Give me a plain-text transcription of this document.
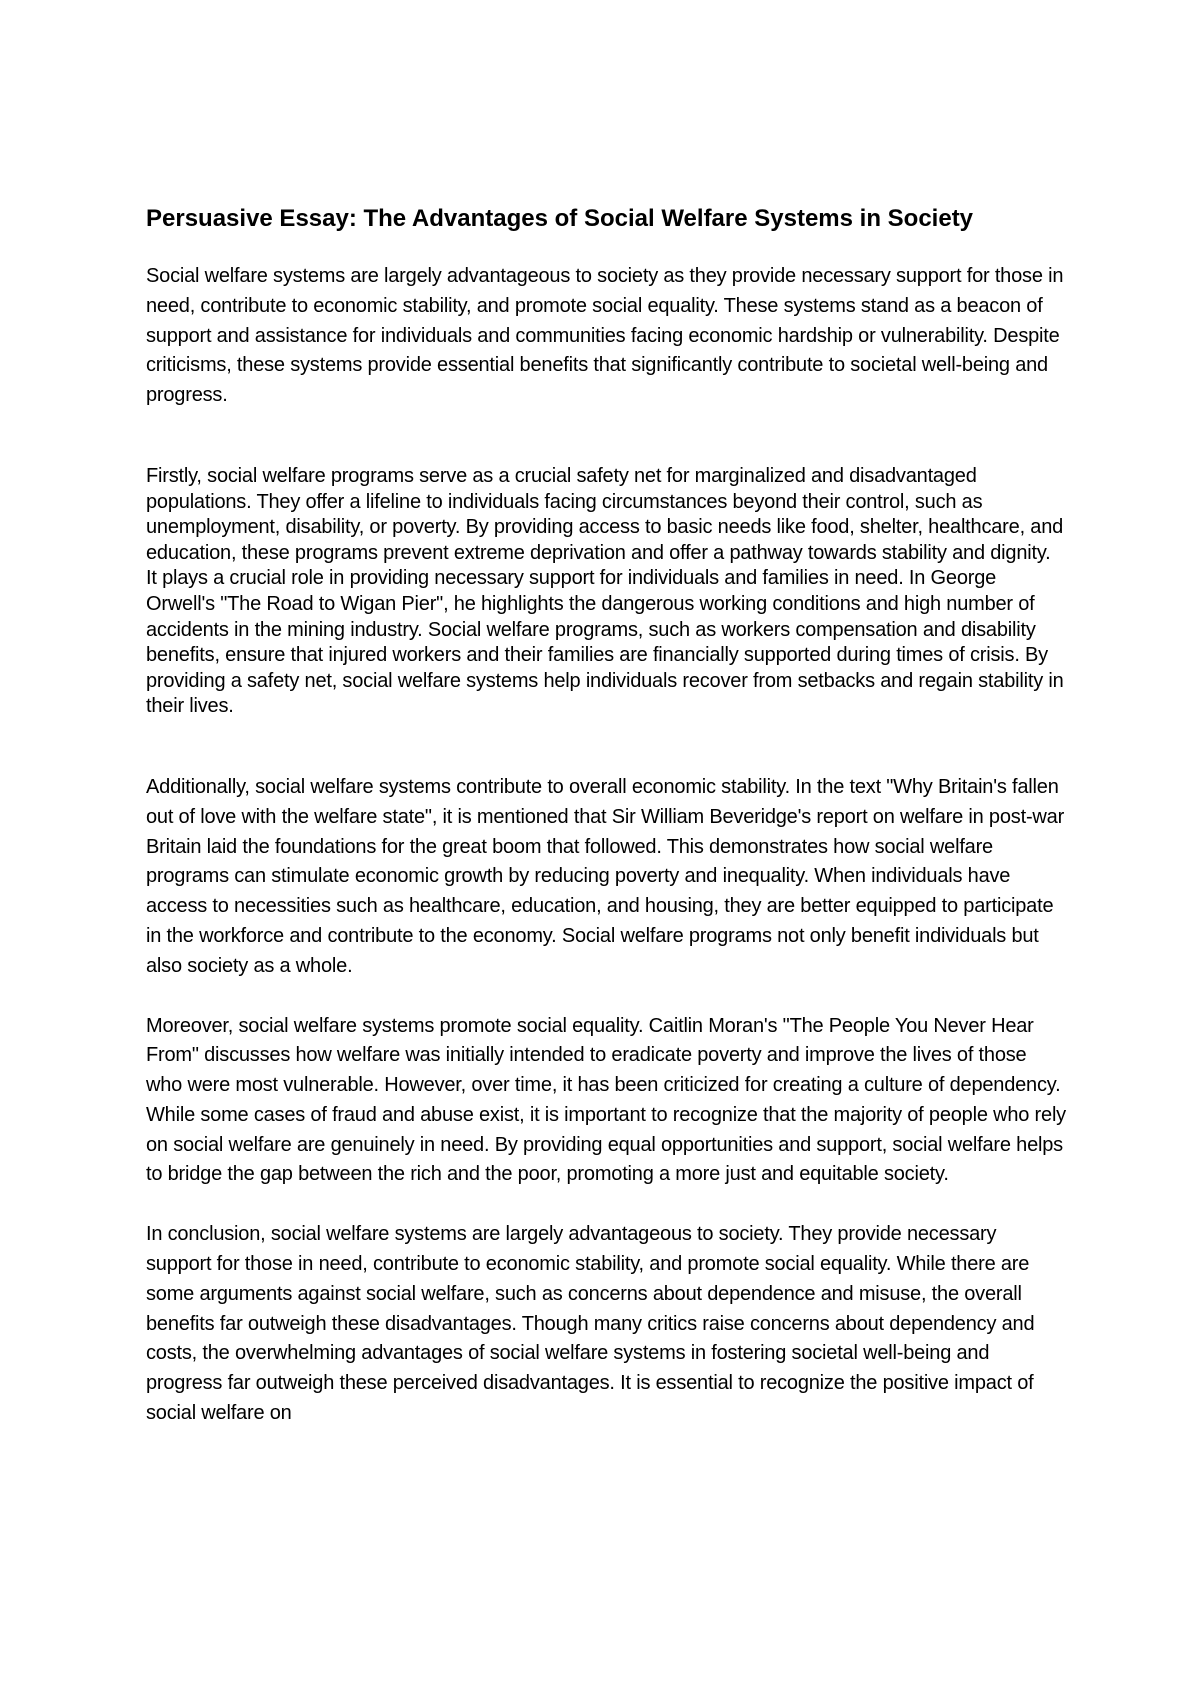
Persuasive Essay: The Advantages of Social Welfare Systems in Society

Social welfare systems are largely advantageous to society as they provide necessary support for those in need, contribute to economic stability, and promote social equality. These systems stand as a beacon of support and assistance for individuals and communities facing economic hardship or vulnerability. Despite criticisms, these systems provide essential benefits that significantly contribute to societal well-being and progress.

Firstly, social welfare programs serve as a crucial safety net for marginalized and disadvantaged populations. They offer a lifeline to individuals facing circumstances beyond their control, such as unemployment, disability, or poverty. By providing access to basic needs like food, shelter, healthcare, and education, these programs prevent extreme deprivation and offer a pathway towards stability and dignity. It plays a crucial role in providing necessary support for individuals and families in need. In George Orwell's "The Road to Wigan Pier", he highlights the dangerous working conditions and high number of accidents in the mining industry. Social welfare programs, such as workers compensation and disability benefits, ensure that injured workers and their families are financially supported during times of crisis. By providing a safety net, social welfare systems help individuals recover from setbacks and regain stability in their lives.

Additionally, social welfare systems contribute to overall economic stability. In the text "Why Britain's fallen out of love with the welfare state", it is mentioned that Sir William Beveridge's report on welfare in post-war Britain laid the foundations for the great boom that followed. This demonstrates how social welfare programs can stimulate economic growth by reducing poverty and inequality. When individuals have access to necessities such as healthcare, education, and housing, they are better equipped to participate in the workforce and contribute to the economy. Social welfare programs not only benefit individuals but also society as a whole.

Moreover, social welfare systems promote social equality. Caitlin Moran's "The People You Never Hear From" discusses how welfare was initially intended to eradicate poverty and improve the lives of those who were most vulnerable. However, over time, it has been criticized for creating a culture of dependency. While some cases of fraud and abuse exist, it is important to recognize that the majority of people who rely on social welfare are genuinely in need. By providing equal opportunities and support, social welfare helps to bridge the gap between the rich and the poor, promoting a more just and equitable society.

In conclusion, social welfare systems are largely advantageous to society. They provide necessary support for those in need, contribute to economic stability, and promote social equality. While there are some arguments against social welfare, such as concerns about dependence and misuse, the overall benefits far outweigh these disadvantages. Though many critics raise concerns about dependency and costs, the overwhelming advantages of social welfare systems in fostering societal well-being and progress far outweigh these perceived disadvantages. It is essential to recognize the positive impact of social welfare on
